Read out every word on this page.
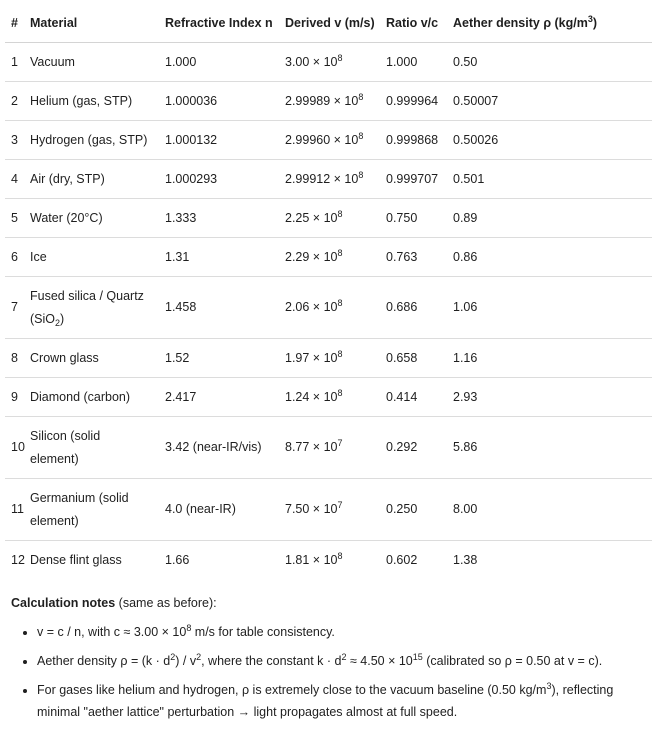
#	Material	Refractive Index n	Derived v (m/s)	Ratio v/c	Aether density ρ $(kg/m^3)$
1	Vacuum	1.000	$3.00 \times 10^8$	1.000	0.50
2	Helium (gas, STP)	1.000036	$2.99989 \times 10^8$	0.999964	0.50007
3	Hydrogen (gas, STP)	1.000132	$2.99960 \times 10^8$	0.999868	0.50026
4	Air (dry, STP)	1.000293	$2.99912 \times 10^8$	0.999707	0.501
5	Water (20°C)	1.333	$2.25 \times 10^8$	0.750	0.89
6	Ice	1.31	$2.29 \times 10^8$	0.763	0.86
7	Fused silica / Quartz
(SiO$_2$)	1.458	$2.06 \times 10^8$	0.686	1.06
8	Crown glass	1.52	$1.97 \times 10^8$	0.658	1.16
9	Diamond (carbon)	2.417	$1.24 \times 10^8$	0.414	2.93
10	Silicon (solid
element)	3.42 (near-IR/vis)	$8.77 \times 10^7$	0.292	5.86
11	Germanium (solid
element)	4.0 (near-IR)	$7.50 \times 10^7$	0.250	8.00
12	Dense flint glass	1.66	$1.81 \times 10^8$	0.602	1.38
Calculation notes (same as before):
• v = c / n, with $c \approx 3.00 \times 10^8$ m/s for table consistency.
• Aether density $\rho = (k \cdot d^2) / v^2$, where the constant $k \cdot d^2 \approx 4.50 \times 10^{15}$ (calibrated so ρ = 0.50 at v = c).
• For gases like helium and hydrogen, ρ is extremely close to the vacuum baseline (0.50 $kg/m^3$), reflecting minimal "aether lattice" perturbation → light propagates almost at full speed.
